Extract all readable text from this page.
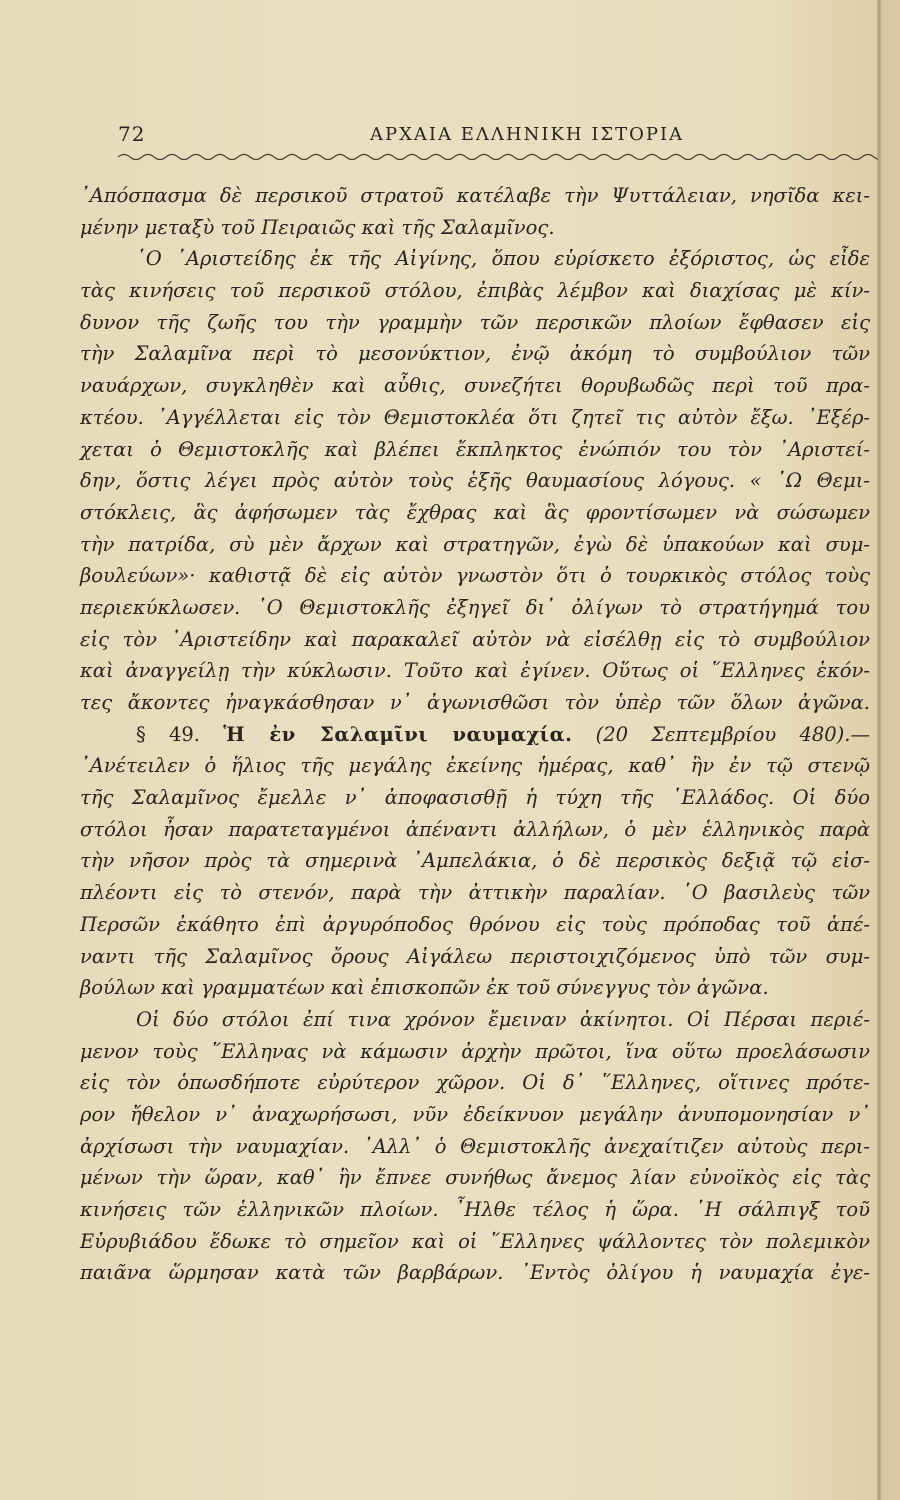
72	ΑΡΧΑΙΑ ΕΛΛΗΝΙΚΗ ΙΣΤΟΡΙΑ
᾿Απόσπασμα δὲ περσικοῦ στρατοῦ κατέλαβε τὴν Ψυττάλειαν, νησῖδα κει-
μένην μεταξὺ τοῦ Πειραιῶς καὶ τῆς Σαλαμῖνος.
῾Ο ᾿Αριστείδης ἐκ τῆς Αἰγίνης, ὅπου εὑρίσκετο ἐξόριστος, ὡς εἶδε
τὰς κινήσεις τοῦ περσικοῦ στόλου, ἐπιβὰς λέμβον καὶ διαχίσας μὲ κίν-
δυνον τῆς ζωῆς του τὴν γραμμὴν τῶν περσικῶν πλοίων ἔφθασεν εἰς
τὴν Σαλαμῖνα περὶ τὸ μεσονύκτιον, ἐνῷ ἀκόμη τὸ συμβούλιον τῶν
ναυάρχων, συγκληθὲν καὶ αὖθις, συνεζήτει θορυβωδῶς περὶ τοῦ πρα-
κτέου. ᾿Αγγέλλεται εἰς τὸν Θεμιστοκλέα ὅτι ζητεῖ τις αὐτὸν ἔξω. ᾿Εξέρ-
χεται ὁ Θεμιστοκλῆς καὶ βλέπει ἔκπληκτος ἐνώπιόν του τὸν ᾿Αριστεί-
δην, ὅστις λέγει πρὸς αὐτὸν τοὺς ἑξῆς θαυμασίους λόγους. « ᾿Ω Θεμι-
στόκλεις, ἃς ἀφήσωμεν τὰς ἔχθρας καὶ ἃς φροντίσωμεν νὰ σώσωμεν
τὴν πατρίδα, σὺ μὲν ἄρχων καὶ στρατηγῶν, ἐγὼ δὲ ὑπακούων καὶ συμ-
βουλεύων»· καθιστᾷ δὲ εἰς αὐτὸν γνωστὸν ὅτι ὁ τουρκικὸς στόλος τοὺς
περιεκύκλωσεν. ῾Ο Θεμιστοκλῆς ἐξηγεῖ δι᾿ ὀλίγων τὸ στρατήγημά του
εἰς τὸν ᾿Αριστείδην καὶ παρακαλεῖ αὐτὸν νὰ εἰσέλθῃ εἰς τὸ συμβούλιον
καὶ ἀναγγείλῃ τὴν κύκλωσιν. Τοῦτο καὶ ἐγίνεν. Οὕτως οἱ ῞Ελληνες ἑκόν-
τες ἄκοντες ἠναγκάσθησαν ν᾿ ἀγωνισθῶσι τὸν ὑπὲρ τῶν ὅλων ἀγῶνα.
§ 49. Ἡ ἐν Σαλαμῖνι ναυμαχία. (20 Σεπτεμβρίου 480).—
᾿Ανέτειλεν ὁ ἥλιος τῆς μεγάλης ἐκείνης ἡμέρας, καθ᾿ ἣν ἐν τῷ στενῷ
τῆς Σαλαμῖνος ἔμελλε ν᾿ ἀποφασισθῇ ἡ τύχη τῆς ῾Ελλάδος. Οἱ δύο
στόλοι ἦσαν παρατεταγμένοι ἀπέναντι ἀλλήλων, ὁ μὲν ἑλληνικὸς παρὰ
τὴν νῆσον πρὸς τὰ σημερινὰ ᾿Αμπελάκια, ὁ δὲ περσικὸς δεξιᾷ τῷ εἰσ-
πλέοντι εἰς τὸ στενόν, παρὰ τὴν ἀττικὴν παραλίαν. ῾Ο βασιλεὺς τῶν
Περσῶν ἐκάθητο ἐπὶ ἀργυρόποδος θρόνου εἰς τοὺς πρόποδας τοῦ ἀπέ-
ναντι τῆς Σαλαμῖνος ὄρους Αἰγάλεω περιστοιχιζόμενος ὑπὸ τῶν συμ-
βούλων καὶ γραμματέων καὶ ἐπισκοπῶν ἐκ τοῦ σύνεγγυς τὸν ἀγῶνα.
Οἱ δύο στόλοι ἐπί τινα χρόνον ἔμειναν ἀκίνητοι. Οἱ Πέρσαι περιέ-
μενον τοὺς ῞Ελληνας νὰ κάμωσιν ἀρχὴν πρῶτοι, ἵνα οὕτω προελάσωσιν
εἰς τὸν ὁπωσδήποτε εὐρύτερον χῶρον. Οἱ δ᾿ ῞Ελληνες, οἵτινες πρότε-
ρον ἤθελον ν᾿ ἀναχωρήσωσι, νῦν ἐδείκνυον μεγάλην ἀνυπομονησίαν ν᾿
ἀρχίσωσι τὴν ναυμαχίαν. ᾿Αλλ᾿ ὁ Θεμιστοκλῆς ἀνεχαίτιζεν αὐτοὺς περι-
μένων τὴν ὥραν, καθ᾿ ἣν ἔπνεε συνήθως ἄνεμος λίαν εὐνοϊκὸς εἰς τὰς
κινήσεις τῶν ἑλληνικῶν πλοίων. ῏Ηλθε τέλος ἡ ὥρα. ῾Η σάλπιγξ τοῦ
Εὐρυβιάδου ἔδωκε τὸ σημεῖον καὶ οἱ ῞Ελληνες ψάλλοντες τὸν πολεμικὸν
παιᾶνα ὥρμησαν κατὰ τῶν βαρβάρων. ᾿Εντὸς ὀλίγου ἡ ναυμαχία ἐγε-
